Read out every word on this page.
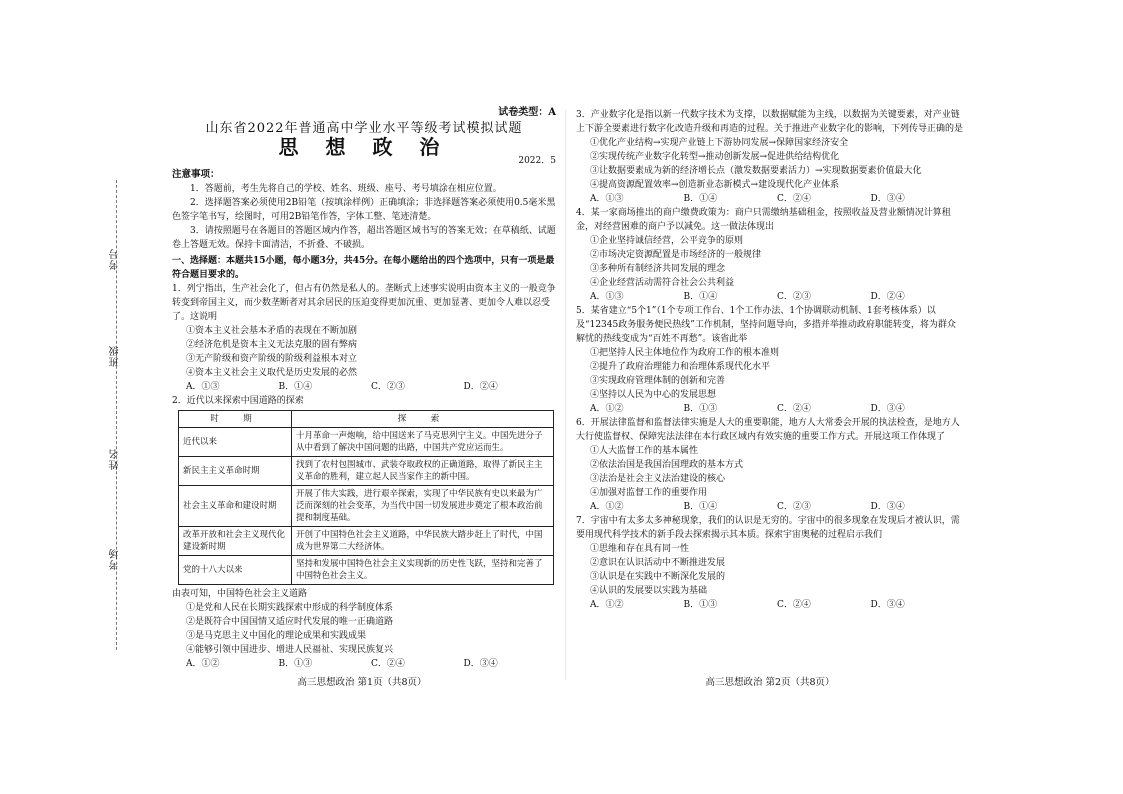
考号
姓名
班级
考场
试卷类型：A
山东省2022年普通高中学业水平等级考试模拟试题
思 想 政 治
2022．5
注意事项：

1．答题前，考生先将自己的学校、姓名、班级、座号、考号填涂在相应位置。

2．选择题答案必须使用2B铅笔（按填涂样例）正确填涂；非选择题答案必须使用0.5毫米黑色签字笔书写，绘图时，可用2B铅笔作答，字体工整、笔迹清楚。

3．请按照题号在各题目的答题区域内作答，超出答题区域书写的答案无效；在草稿纸、试题卷上答题无效。保持卡面清洁，不折叠、不破损。

一、选择题：本题共15小题，每小题3分，共45分。在每小题给出的四个选项中，只有一项是最符合题目要求的。

1．列宁指出，生产社会化了，但占有仍然是私人的。垄断式上述事实说明由资本主义的一般竞争转变到帝国主义，而少数垄断者对其余居民的压迫变得更加沉重、更加显著、更加令人难以忍受了。这说明

①资本主义社会基本矛盾的表现在不断加剧

②经济危机是资本主义无法克服的固有弊病

③无产阶级和资产阶级的阶级利益根本对立

④资本主义社会主义取代是历史发展的必然

A．①③	B．①④	C．②③	D．②④

2．近代以来探索中国道路的探索

时　期	探　索
近代以来	十月革命一声炮响，给中国送来了马克思列宁主义。中国先进分子从中看到了解决中国问题的出路，中国共产党应运而生。
新民主主义革命时期	找到了农村包围城市、武装夺取政权的正确道路，取得了新民主主义革命的胜利，建立起人民当家作主的新中国。
社会主义革命和建设时期	开展了伟大实践，进行艰辛探索，实现了中华民族有史以来最为广泛而深刻的社会变革，为当代中国一切发展进步奠定了根本政治前提和制度基础。
改革开放和社会主义现代化建设新时期	开创了中国特色社会主义道路，中华民族大踏步赶上了时代，中国成为世界第二大经济体。
党的十八大以来	坚持和发展中国特色社会主义实现新的历史性飞跃，坚持和完善了中国特色社会主义。

由表可知，中国特色社会主义道路

①是党和人民在长期实践探索中形成的科学制度体系

②是既符合中国国情又适应时代发展的唯一正确道路

③是马克思主义中国化的理论成果和实践成果

④能够引领中国进步、增进人民福祉、实现民族复兴

A．①②	B．①③	C．②④	D．③④

3．产业数字化是指以新一代数字技术为支撑，以数据赋能为主线，以数据为关键要素，对产业链上下游全要素进行数字化改造升级和再造的过程。关于推进产业数字化的影响，下列传导正确的是

①优化产业结构→实现产业链上下游协同发展→保障国家经济安全

②实现传统产业数字化转型→推动创新发展→促进供给结构优化

③让数据要素成为新的经济增长点（激发数据要素活力）→实现数据要素价值最大化

④提高资源配置效率→创造新业态新模式→建设现代化产业体系

A．①③	B．①④	C．②④	D．③④

4．某一家商场推出的商户缴费政策为：商户只需缴纳基础租金，按照收益及营业额情况计算租金，对经营困难的商户予以减免。这一做法体现出

①企业坚持诚信经营，公平竞争的原则

②市场决定资源配置是市场经济的一般规律

③多种所有制经济共同发展的理念

④企业经营活动需符合社会公共利益

A．①③	B．①④	C．②③	D．②④

5．某省建立“5个1”（1个专项工作台、1个工作办法、1个协调联动机制、1套考核体系）以及“12345政务服务便民热线”工作机制，坚持问题导向，多措并举推动政府职能转变，将为群众解忧的热线变成为“百姓不再愁”。该省此举

①把坚持人民主体地位作为政府工作的根本准则

②提升了政府治理能力和治理体系现代化水平

③实现政府管理体制的创新和完善

④坚持以人民为中心的发展思想

A．①②	B．①③	C．②④	D．③④

6．开展法律监督和监督法律实施是人大的重要职能，地方人大常委会开展的执法检查，是地方人大行使监督权、保障宪法法律在本行政区域内有效实施的重要工作方式。开展这项工作体现了

①人大监督工作的基本属性

②依法治国是我国治国理政的基本方式

③法治是社会主义法治建设的核心

④加强对监督工作的重要作用

A．①②	B．①④	C．②③	D．③④

7．宇宙中有太多太多神秘现象，我们的认识是无穷的。宇宙中的很多现象在发现后才被认识，需要用现代科学技术的新手段去探索揭示其本质。探索宇宙奥秘的过程启示我们

①思维和存在具有同一性

②意识在认识活动中不断推进发展

③认识是在实践中不断深化发展的

④认识的发展要以实践为基础

A．①②	B．①③	C．②④	D．③④
高三思想政治 第1页（共8页）	高三思想政治 第2页（共8页）
